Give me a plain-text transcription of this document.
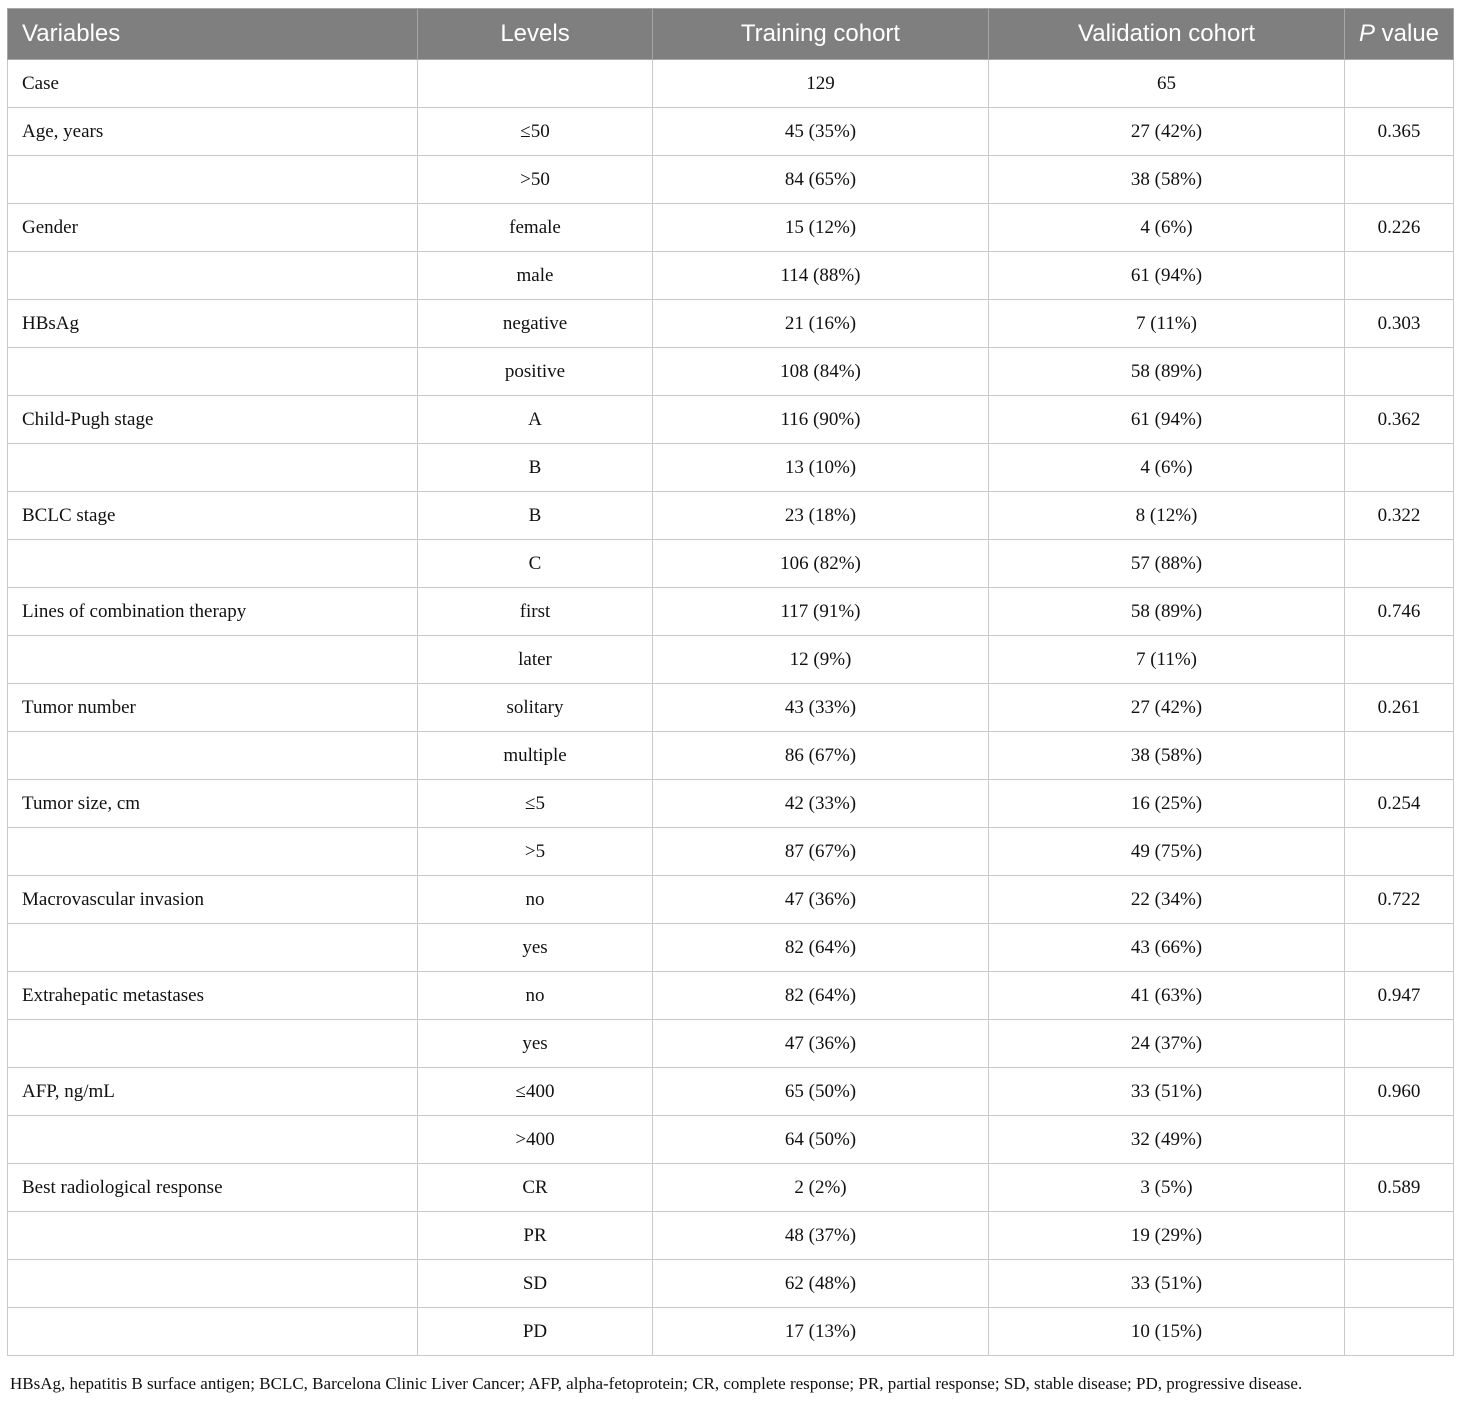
Variables	Levels	Training cohort	Validation cohort	P value
Case		129	65	
Age, years	≤50	45 (35%)	27 (42%)	0.365
	>50	84 (65%)	38 (58%)	
Gender	female	15 (12%)	4 (6%)	0.226
	male	114 (88%)	61 (94%)	
HBsAg	negative	21 (16%)	7 (11%)	0.303
	positive	108 (84%)	58 (89%)	
Child-Pugh stage	A	116 (90%)	61 (94%)	0.362
	B	13 (10%)	4 (6%)	
BCLC stage	B	23 (18%)	8 (12%)	0.322
	C	106 (82%)	57 (88%)	
Lines of combination therapy	first	117 (91%)	58 (89%)	0.746
	later	12 (9%)	7 (11%)	
Tumor number	solitary	43 (33%)	27 (42%)	0.261
	multiple	86 (67%)	38 (58%)	
Tumor size, cm	≤5	42 (33%)	16 (25%)	0.254
	>5	87 (67%)	49 (75%)	
Macrovascular invasion	no	47 (36%)	22 (34%)	0.722
	yes	82 (64%)	43 (66%)	
Extrahepatic metastases	no	82 (64%)	41 (63%)	0.947
	yes	47 (36%)	24 (37%)	
AFP, ng/mL	≤400	65 (50%)	33 (51%)	0.960
	>400	64 (50%)	32 (49%)	
Best radiological response	CR	2 (2%)	3 (5%)	0.589
	PR	48 (37%)	19 (29%)	
	SD	62 (48%)	33 (51%)	
	PD	17 (13%)	10 (15%)	
HBsAg, hepatitis B surface antigen; BCLC, Barcelona Clinic Liver Cancer; AFP, alpha-fetoprotein; CR, complete response; PR, partial response; SD, stable disease; PD, progressive disease.
